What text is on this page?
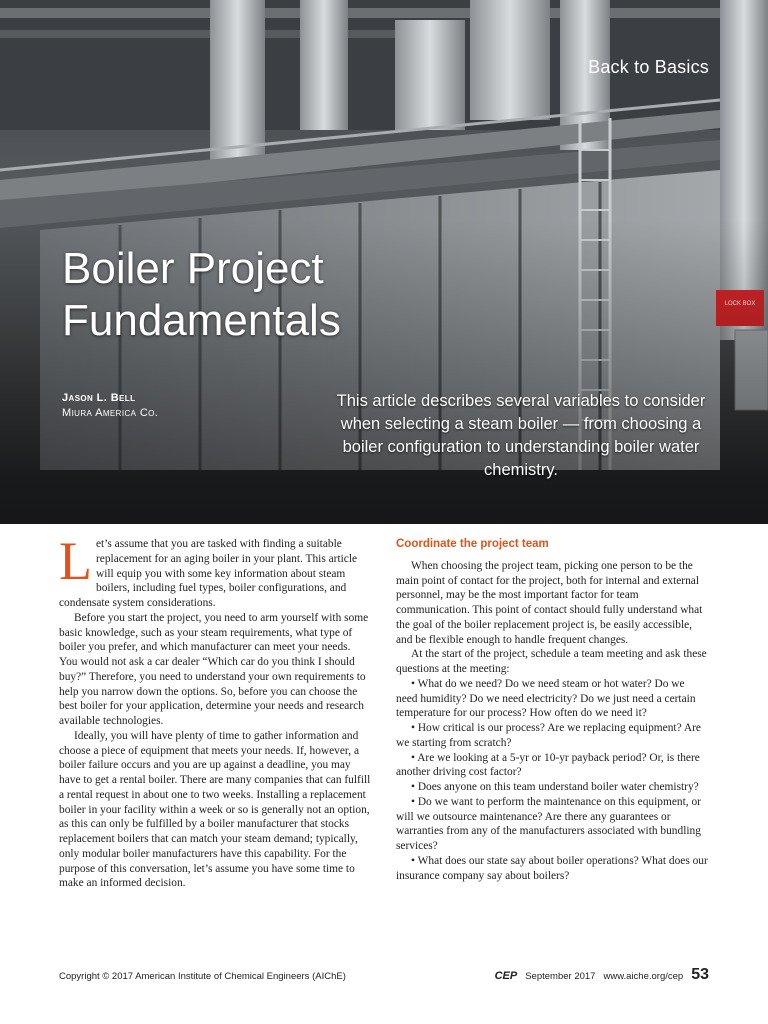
Back to Basics
Boiler Project
Fundamentals
Jason L. Bell
Miura America Co.
This article describes several variables to consider when selecting a steam boiler — from choosing a boiler configuration to understanding boiler water chemistry.

Let’s assume that you are tasked with finding a suitable replacement for an aging boiler in your plant. This article will equip you with some key information about steam boilers, including fuel types, boiler configurations, and condensate system considerations.

Before you start the project, you need to arm yourself with some basic knowledge, such as your steam requirements, what type of boiler you prefer, and which manufacturer can meet your needs. You would not ask a car dealer “Which car do you think I should buy?” Therefore, you need to understand your own requirements to help you narrow down the options. So, before you can choose the best boiler for your application, determine your needs and research available technologies.

Ideally, you will have plenty of time to gather information and choose a piece of equipment that meets your needs. If, however, a boiler failure occurs and you are up against a deadline, you may have to get a rental boiler. There are many companies that can fulfill a rental request in about one to two weeks. Installing a replacement boiler in your facility within a week or so is generally not an option, as this can only be fulfilled by a boiler manufacturer that stocks replacement boilers that can match your steam demand; typically, only modular boiler manufacturers have this capability. For the purpose of this conversation, let’s assume you have some time to make an informed decision.

Coordinate the project team

When choosing the project team, picking one person to be the main point of contact for the project, both for internal and external personnel, may be the most important factor for team communication. This point of contact should fully understand what the goal of the boiler replacement project is, be easily accessible, and be flexible enough to handle frequent changes.

At the start of the project, schedule a team meeting and ask these questions at the meeting:

• What do we need? Do we need steam or hot water? Do we need humidity? Do we need electricity? Do we just need a certain temperature for our process? How often do we need it?

• How critical is our process? Are we replacing equipment? Are we starting from scratch?

• Are we looking at a 5-yr or 10-yr payback period? Or, is there another driving cost factor?

• Does anyone on this team understand boiler water chemistry?

• Do we want to perform the maintenance on this equipment, or will we outsource maintenance? Are there any guarantees or warranties from any of the manufacturers associated with bundling services?

• What does our state say about boiler operations? What does our insurance company say about boilers?

Copyright © 2017 American Institute of Chemical Engineers (AIChE)	CEP September 2017 www.aiche.org/cep 53
